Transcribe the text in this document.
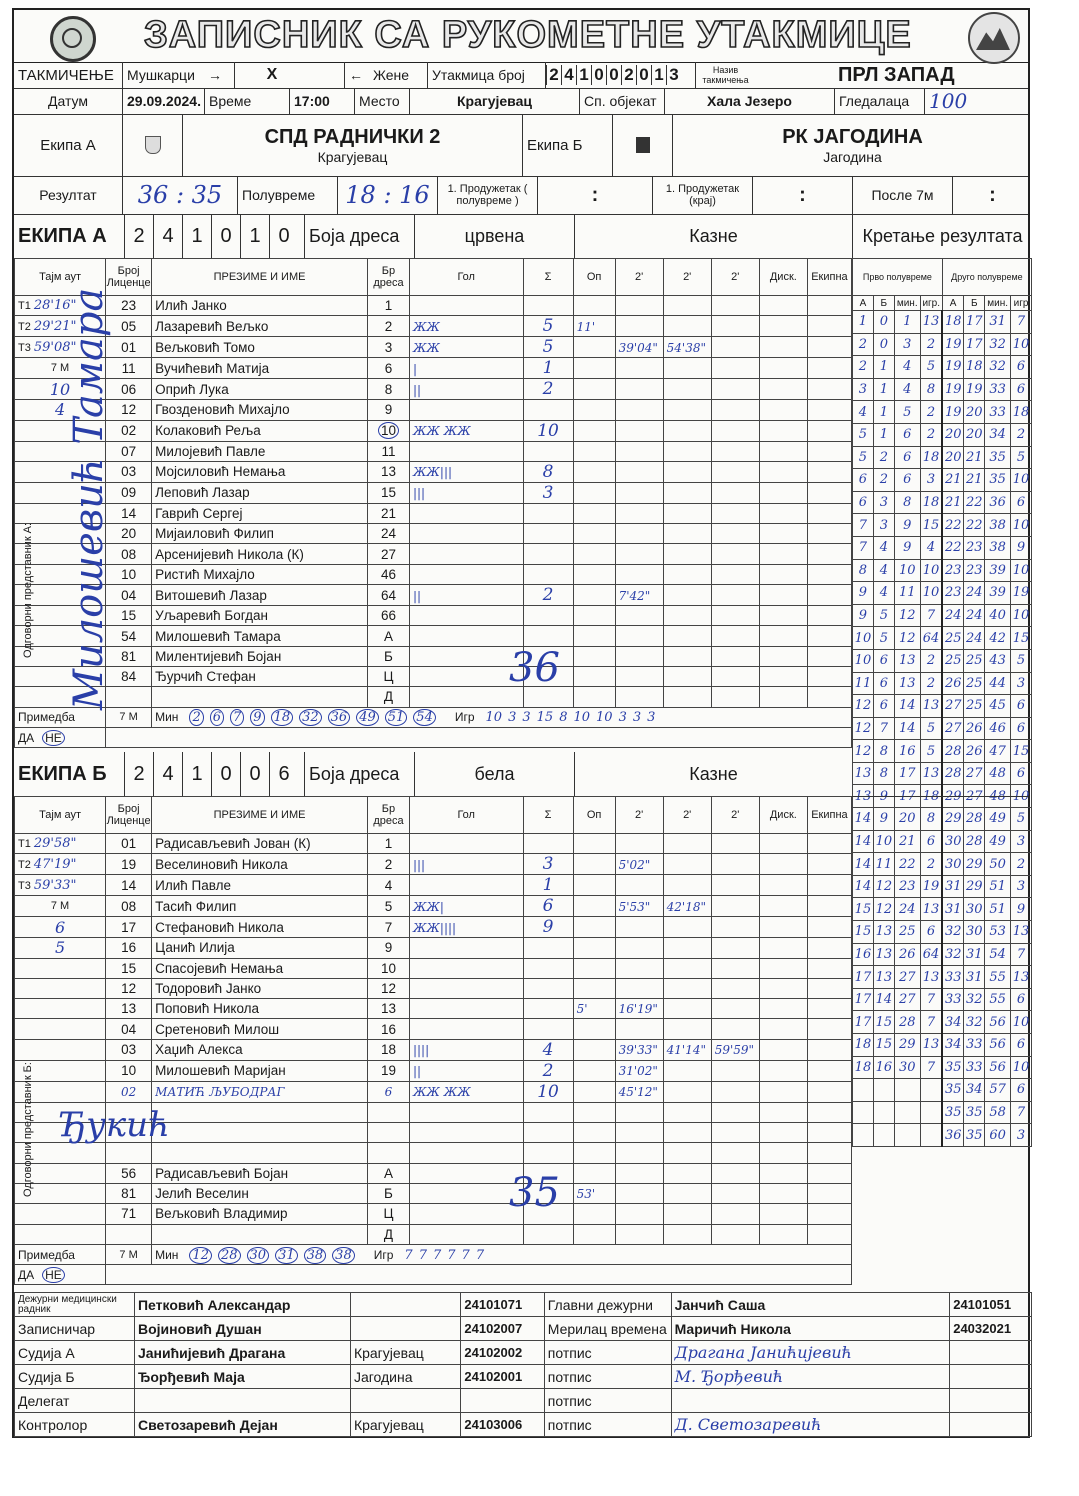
ЗАПИСНИК СА РУКОМЕТНЕ УТАКМИЦЕ
ТАКМИЧЕЊЕ Мушкарци →	X	← Жене	Утакмица број	2 4 1 0 0 2 0 1 3	Назив такмичења	ПРЛ ЗАПАД
Датум	29.09.2024. Време	17:00	Место	Крагујевац	Сп. објекат	Хала Језеро	Гледалаца 100
Екипа А	СПД РАДНИЧКИ 2
Крагујевац
Екипа Б	РК ЈАГОДИНА
Јагодина
Резултат	36 : 35	Полувреме	18 : 16	1. Продужетак ( полувреме )	:	1. Продужетак (крај)	:	После 7м	:
ЕКИПА А	2 4 1 0 1 0	Боја дреса	црвена	Казне	Кретање резултата
Тајм аут	Број Лиценце	ПРЕЗИМЕ И ИМЕ	Бр дреса	Гол	Σ	Оп	2'	2'	2'	Диск.	Екипна
Т1 28'16"	23	Илић Јанко	1								
Т2 29'21"	05	Лазаревић Вељко	2	ЖЖ	5	11'					
Т3 59'08"	01	Вељковић Томо	3	ЖЖ	5		39'04"	54'38"			
7 М	11	Вучићевић Матија	6	|	1						
10	06	Опрић Лука	8	||	2						
4	12	Гвозденовић Михајло	9								
	02	Колаковић Реља	10	ЖЖ ЖЖ	10						
	07	Милојевић Павле	11								
	03	Мојсиловић Немања	13	ЖЖ|||	8						
	09	Леповић Лазар	15	|||	3						
	14	Гаврић Сергеј	21								
	20	Мијаиловић Филип	24								
	08	Арсенијевић Никола (К)	27								
	10	Ристић Михајло	46								
	04	Витошевић Лазар	64	||	2		7'42"				
	15	Уљаревић Богдан	66								
	54	Милошевић Тамара	А								
	81	Милентијевић Бојан	Б								
	84	Ђурчић Стефан	Ц								
			Д								
Примедба	7 М	Мин 2 6 7 9 18 32 36 49 51 54 Игр 10 3 3 15 8 10 10 3 3 3									
ДА НЕ											
Прво полувреме				Друго полувреме			
А	Б	мин.	игр.	А	Б	мин.	игр
1	0	1	13	18	17	31	7
2	0	3	2	19	17	32	10
2	1	4	5	19	18	32	6
3	1	4	8	19	19	33	6
4	1	5	2	19	20	33	18
5	1	6	2	20	20	34	2
5	2	6	18	20	21	35	5
6	2	6	3	21	21	35	10
6	3	8	18	21	22	36	6
7	3	9	15	22	22	38	10
7	4	9	4	22	23	38	9
8	4	10	10	23	23	39	10
9	4	11	10	23	24	39	19
9	5	12	7	24	24	40	10
10	5	12	64	25	24	42	15
10	6	13	2	25	25	43	5
11	6	13	2	26	25	44	3
12	6	14	13	27	25	45	6
12	7	14	5	27	26	46	6
12	8	16	5	28	26	47	15
13	8	17	13	28	27	48	6
13	9	17	18	29	27	48	10
14	9	20	8	29	28	49	5
14	10	21	6	30	28	49	3
14	11	22	2	30	29	50	2
14	12	23	19	31	29	51	3
15	12	24	13	31	30	51	9
15	13	25	6	32	30	53	13
16	13	26	64	32	31	54	7
17	13	27	13	33	31	55	13
17	14	27	7	33	32	55	6
17	15	28	7	34	32	56	10
18	15	29	13	34	33	56	6
18	16	30	7	35	33	56	10
				35	34	57	6
				35	35	58	7
				36	35	60	3
Одговорни представник А: Милошевић Тамара
ЕКИПА Б	2 4 1 0 0 6	Боја дреса	бела	Казне
Тајм аут	Број Лиценце	ПРЕЗИМЕ И ИМЕ	Бр дреса	Гол	Σ	Оп	2'	2'	2'	Диск.	Екипна
Т1 29'58"	01	Радисављевић Јован (К)	1								
Т2 47'19"	19	Веселиновић Никола	2	|||	3		5'02"				
Т3 59'33"	14	Илић Павле	4		1						
7 М	08	Тасић Филип	5	ЖЖ|	6		5'53"	42'18"			
6	17	Стефановић Никола	7	ЖЖ||||	9						
5	16	Цанић Илија	9								
	15	Спасојевић Немања	10								
	12	Тодоровић Јанко	12								
	13	Поповић Никола	13			5'	16'19"				
	04	Сретеновић Милош	16								
	03	Хаџић Алекса	18	||||	4		39'33"	41'14"	59'59"		
	10	Милошевић Маријан	19	||	2		31'02"				
	02	МАТИЋ ЉУБОДРАГ	6	ЖЖ ЖЖ	10		45'12"				

	56	Радисављевић Бојан	А								
	81	Јелић Веселин	Б			53'					
	71	Вељковић Владимир	Ц								
			Д								
Примедба	7 М	Мин 12 28 30 31 38 38 Игр 7 7 7 7 7 7									
ДА НЕ											
Одговорни представник Б: Ђукић
Дежурни медицински радник	Петковић Александар		24101071	Главни дежурни	Јанчић Саша	24101051
Записничар	Војиновић Душан		24102007	Мерилац времена	Маричић Никола	24032021
Судија А	Јанићијевић Драгана	Крагујевац	24102002	потпис	Драгана Јанићијевић	
Судија Б	Ђорђевић Маја	Јагодина	24102001	потпис	М. Ђорђевић	
Делегат				потпис		
Контролор	Светозаревић Дејан	Крагујевац	24103006	потпис	Д. Светозаревић	
36
35
